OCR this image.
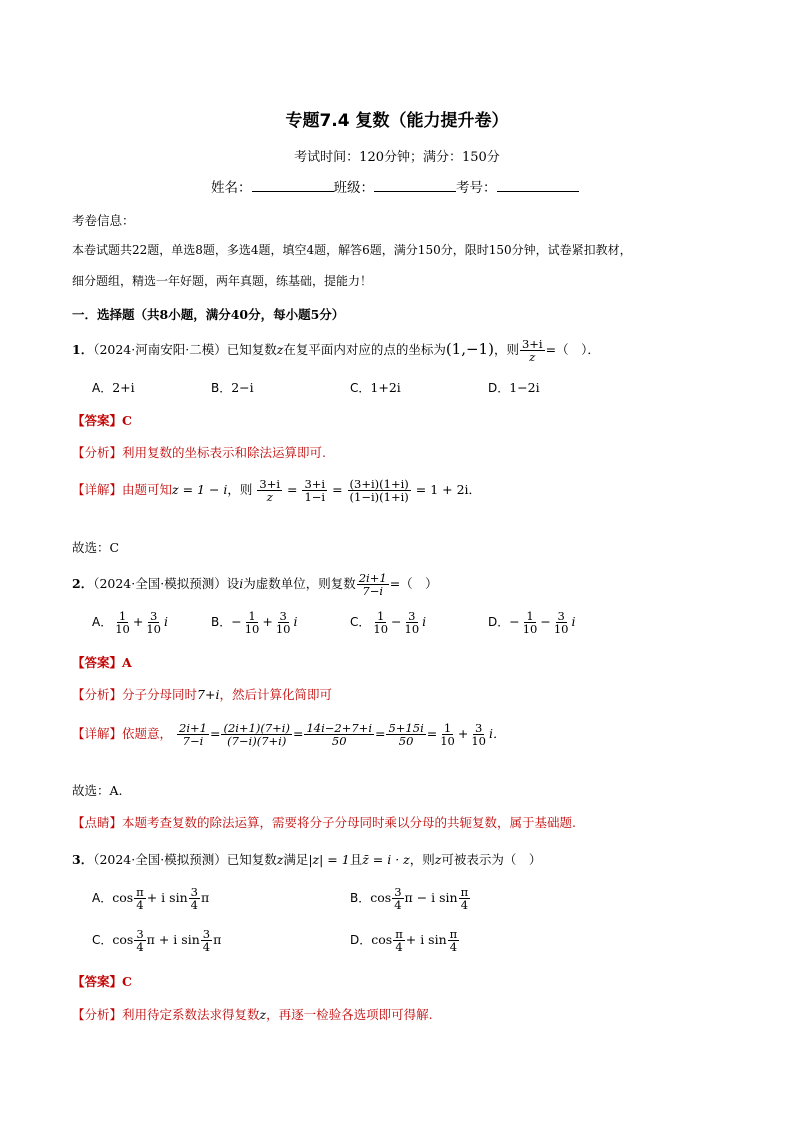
专题7.4 复数（能力提升卷）
考试时间：120分钟；满分：150分
姓名：	班级：	考号：
考卷信息：
本卷试题共22题，单选8题，多选4题，填空4题，解答6题，满分150分，限时150分钟，试卷紧扣教材，
细分题组，精选一年好题，两年真题，练基础，提能力！
一．选择题（共8小题，满分40分，每小题5分）
1．（2024·河南安阳·二模）已知复数z在复平面内对应的点的坐标为(1,−1)，则 $\frac{3+i}{z}$ =（　）．
A．2+i	B．2−i	C．1+2i	D．1−2i
【答案】C
【分析】利用复数的坐标表示和除法运算即可.
【详解】由题可知z = 1 − i，则 $\frac{3+i}{z} = \frac{3+i}{1-i} = \frac{(3+i)(1+i)}{(1-i)(1+i)} = 1 + 2i$．
故选：C
2．（2024·全国·模拟预测）设i为虚数单位，则复数 $\frac{2i+1}{7-i}$ =（　）
A． $\frac{1}{10} + \frac{3}{10}$ i	B．− $\frac{1}{10} + \frac{3}{10}$ i	C． $\frac{1}{10} - \frac{3}{10}$ i	D．− $\frac{1}{10} - \frac{3}{10}$ i
【答案】A
【分析】分子分母同时7+i，然后计算化简即可
【详解】依题意， $\frac{2i+1}{7-i} = \frac{(2i+1)(7+i)}{(7-i)(7+i)} = \frac{14i-2+7+i}{50} = \frac{5+15i}{50} = \frac{1}{10} + \frac{3}{10}$ i．
故选：A.
【点睛】本题考查复数的除法运算，需要将分子分母同时乘以分母的共轭复数，属于基础题.
3．（2024·全国·模拟预测）已知复数z满足|z| = 1且z̄ = i · z，则z可被表示为（　）
A．$\cos \frac{\pi}{4} + i$ $\sin \frac{3}{4}$ π	B．$\cos \frac{3}{4}$ π − i $\sin \frac{\pi}{4}$
C．$\cos \frac{3}{4}$ π + i $\sin \frac{3}{4}$ π	D．$\cos \frac{\pi}{4} + i$ $\sin \frac{\pi}{4}$
【答案】C
【分析】利用待定系数法求得复数z，再逐一检验各选项即可得解.
